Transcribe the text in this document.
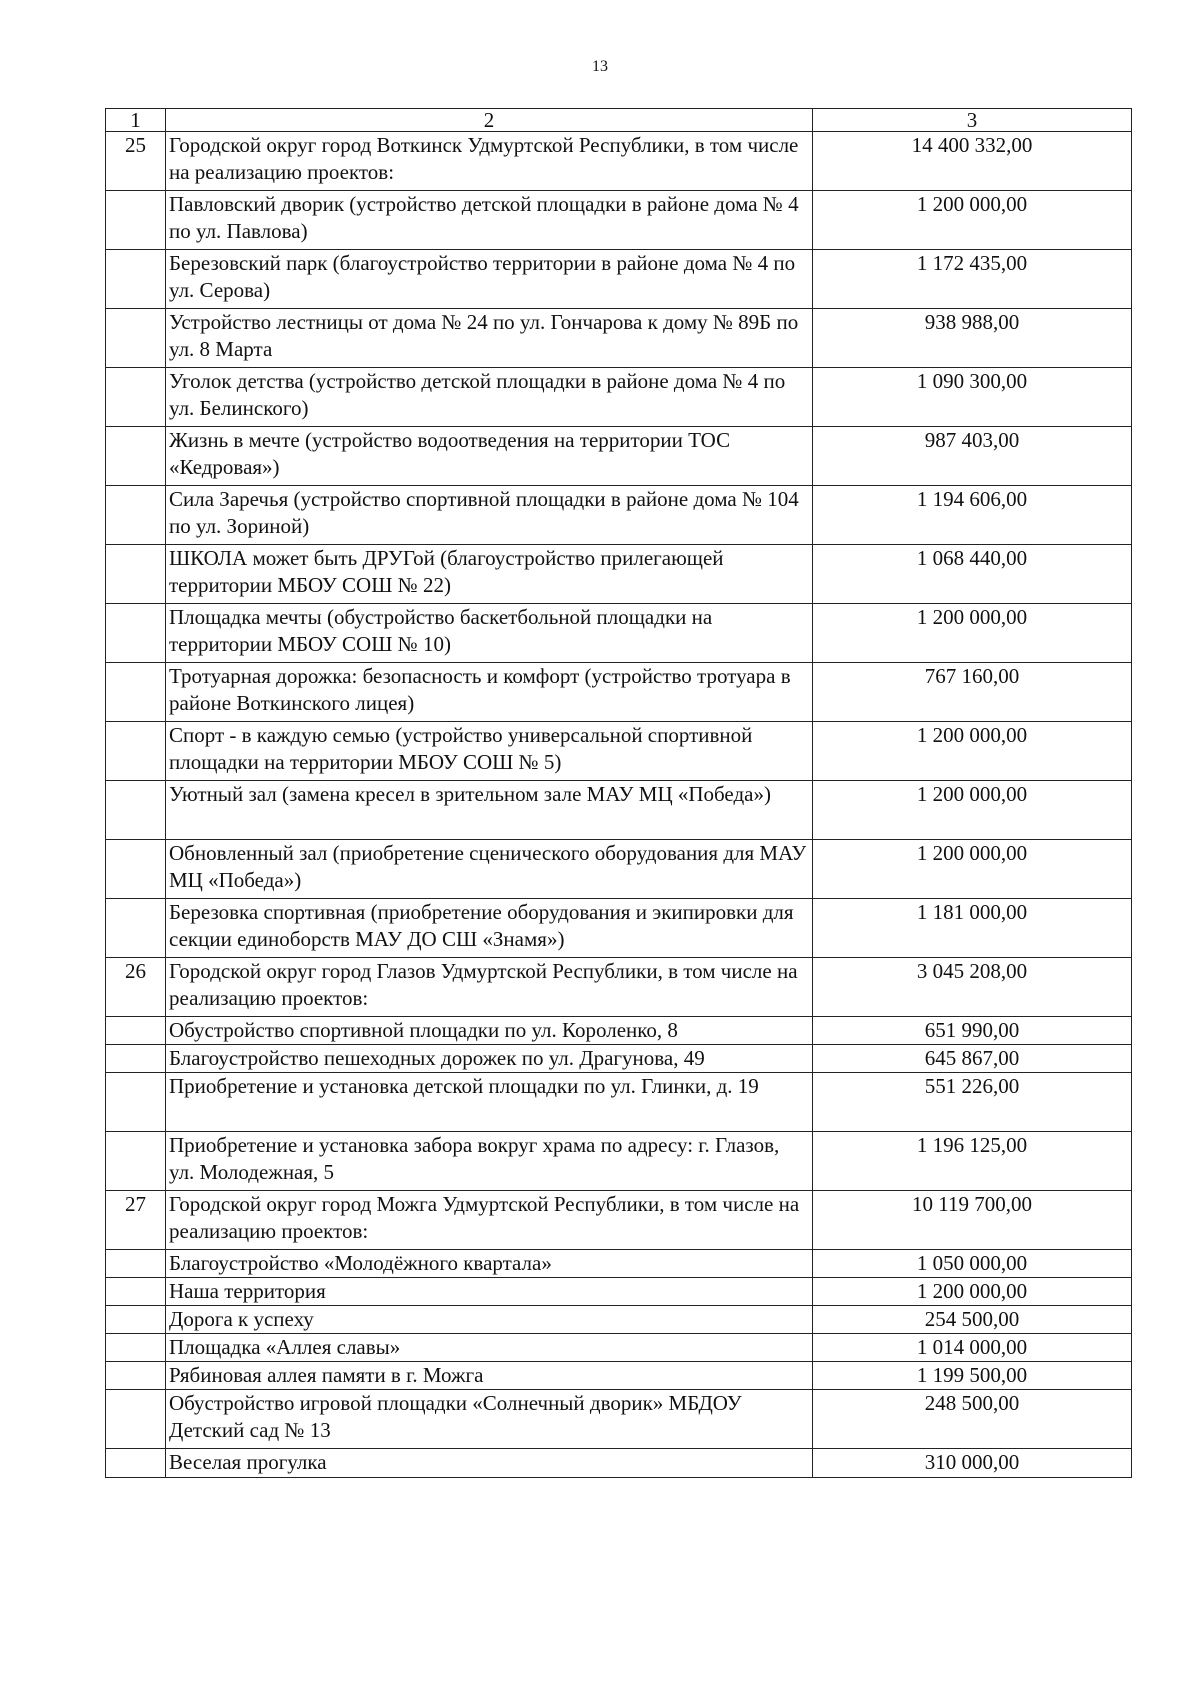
13
1	2	3
25	Городской округ город Воткинск Удмуртской Республики, в том числе на реализацию проектов:	14 400 332,00
	Павловский дворик (устройство детской площадки в районе дома № 4 по ул. Павлова)	1 200 000,00
	Березовский парк (благоустройство территории в районе дома № 4 по ул. Серова)	1 172 435,00
	Устройство лестницы от дома № 24 по ул. Гончарова к дому № 89Б по ул. 8 Марта	938 988,00
	Уголок детства (устройство детской площадки в районе дома № 4 по ул. Белинского)	1 090 300,00
	Жизнь в мечте (устройство водоотведения на территории ТОС «Кедровая»)	987 403,00
	Сила Заречья (устройство спортивной площадки в районе дома № 104 по ул. Зориной)	1 194 606,00
	ШКОЛА может быть ДРУГой (благоустройство прилегающей территории МБОУ СОШ № 22)	1 068 440,00
	Площадка мечты (обустройство баскетбольной площадки на территории МБОУ СОШ № 10)	1 200 000,00
	Тротуарная дорожка: безопасность и комфорт (устройство тротуара в районе Воткинского лицея)	767 160,00
	Спорт - в каждую семью (устройство универсальной спортивной площадки на территории МБОУ СОШ № 5)	1 200 000,00
	Уютный зал (замена кресел в зрительном зале МАУ МЦ «Победа»)	1 200 000,00
	Обновленный зал (приобретение сценического оборудования для МАУ МЦ «Победа»)	1 200 000,00
	Березовка спортивная (приобретение оборудования и экипировки для секции единоборств МАУ ДО СШ «Знамя»)	1 181 000,00
26	Городской округ город Глазов Удмуртской Республики, в том числе на реализацию проектов:	3 045 208,00
	Обустройство спортивной площадки по ул. Короленко, 8	651 990,00
	Благоустройство пешеходных дорожек по ул. Драгунова, 49	645 867,00
	Приобретение и установка детской площадки по ул. Глинки, д. 19	551 226,00
	Приобретение и установка забора вокруг храма по адресу: г. Глазов, ул. Молодежная, 5	1 196 125,00
27	Городской округ город Можга Удмуртской Республики, в том числе на реализацию проектов:	10 119 700,00
	Благоустройство «Молодёжного квартала»	1 050 000,00
	Наша территория	1 200 000,00
	Дорога к успеху	254 500,00
	Площадка «Аллея славы»	1 014 000,00
	Рябиновая аллея памяти в г. Можга	1 199 500,00
	Обустройство игровой площадки «Солнечный дворик» МБДОУ Детский сад № 13	248 500,00
	Веселая прогулка	310 000,00
